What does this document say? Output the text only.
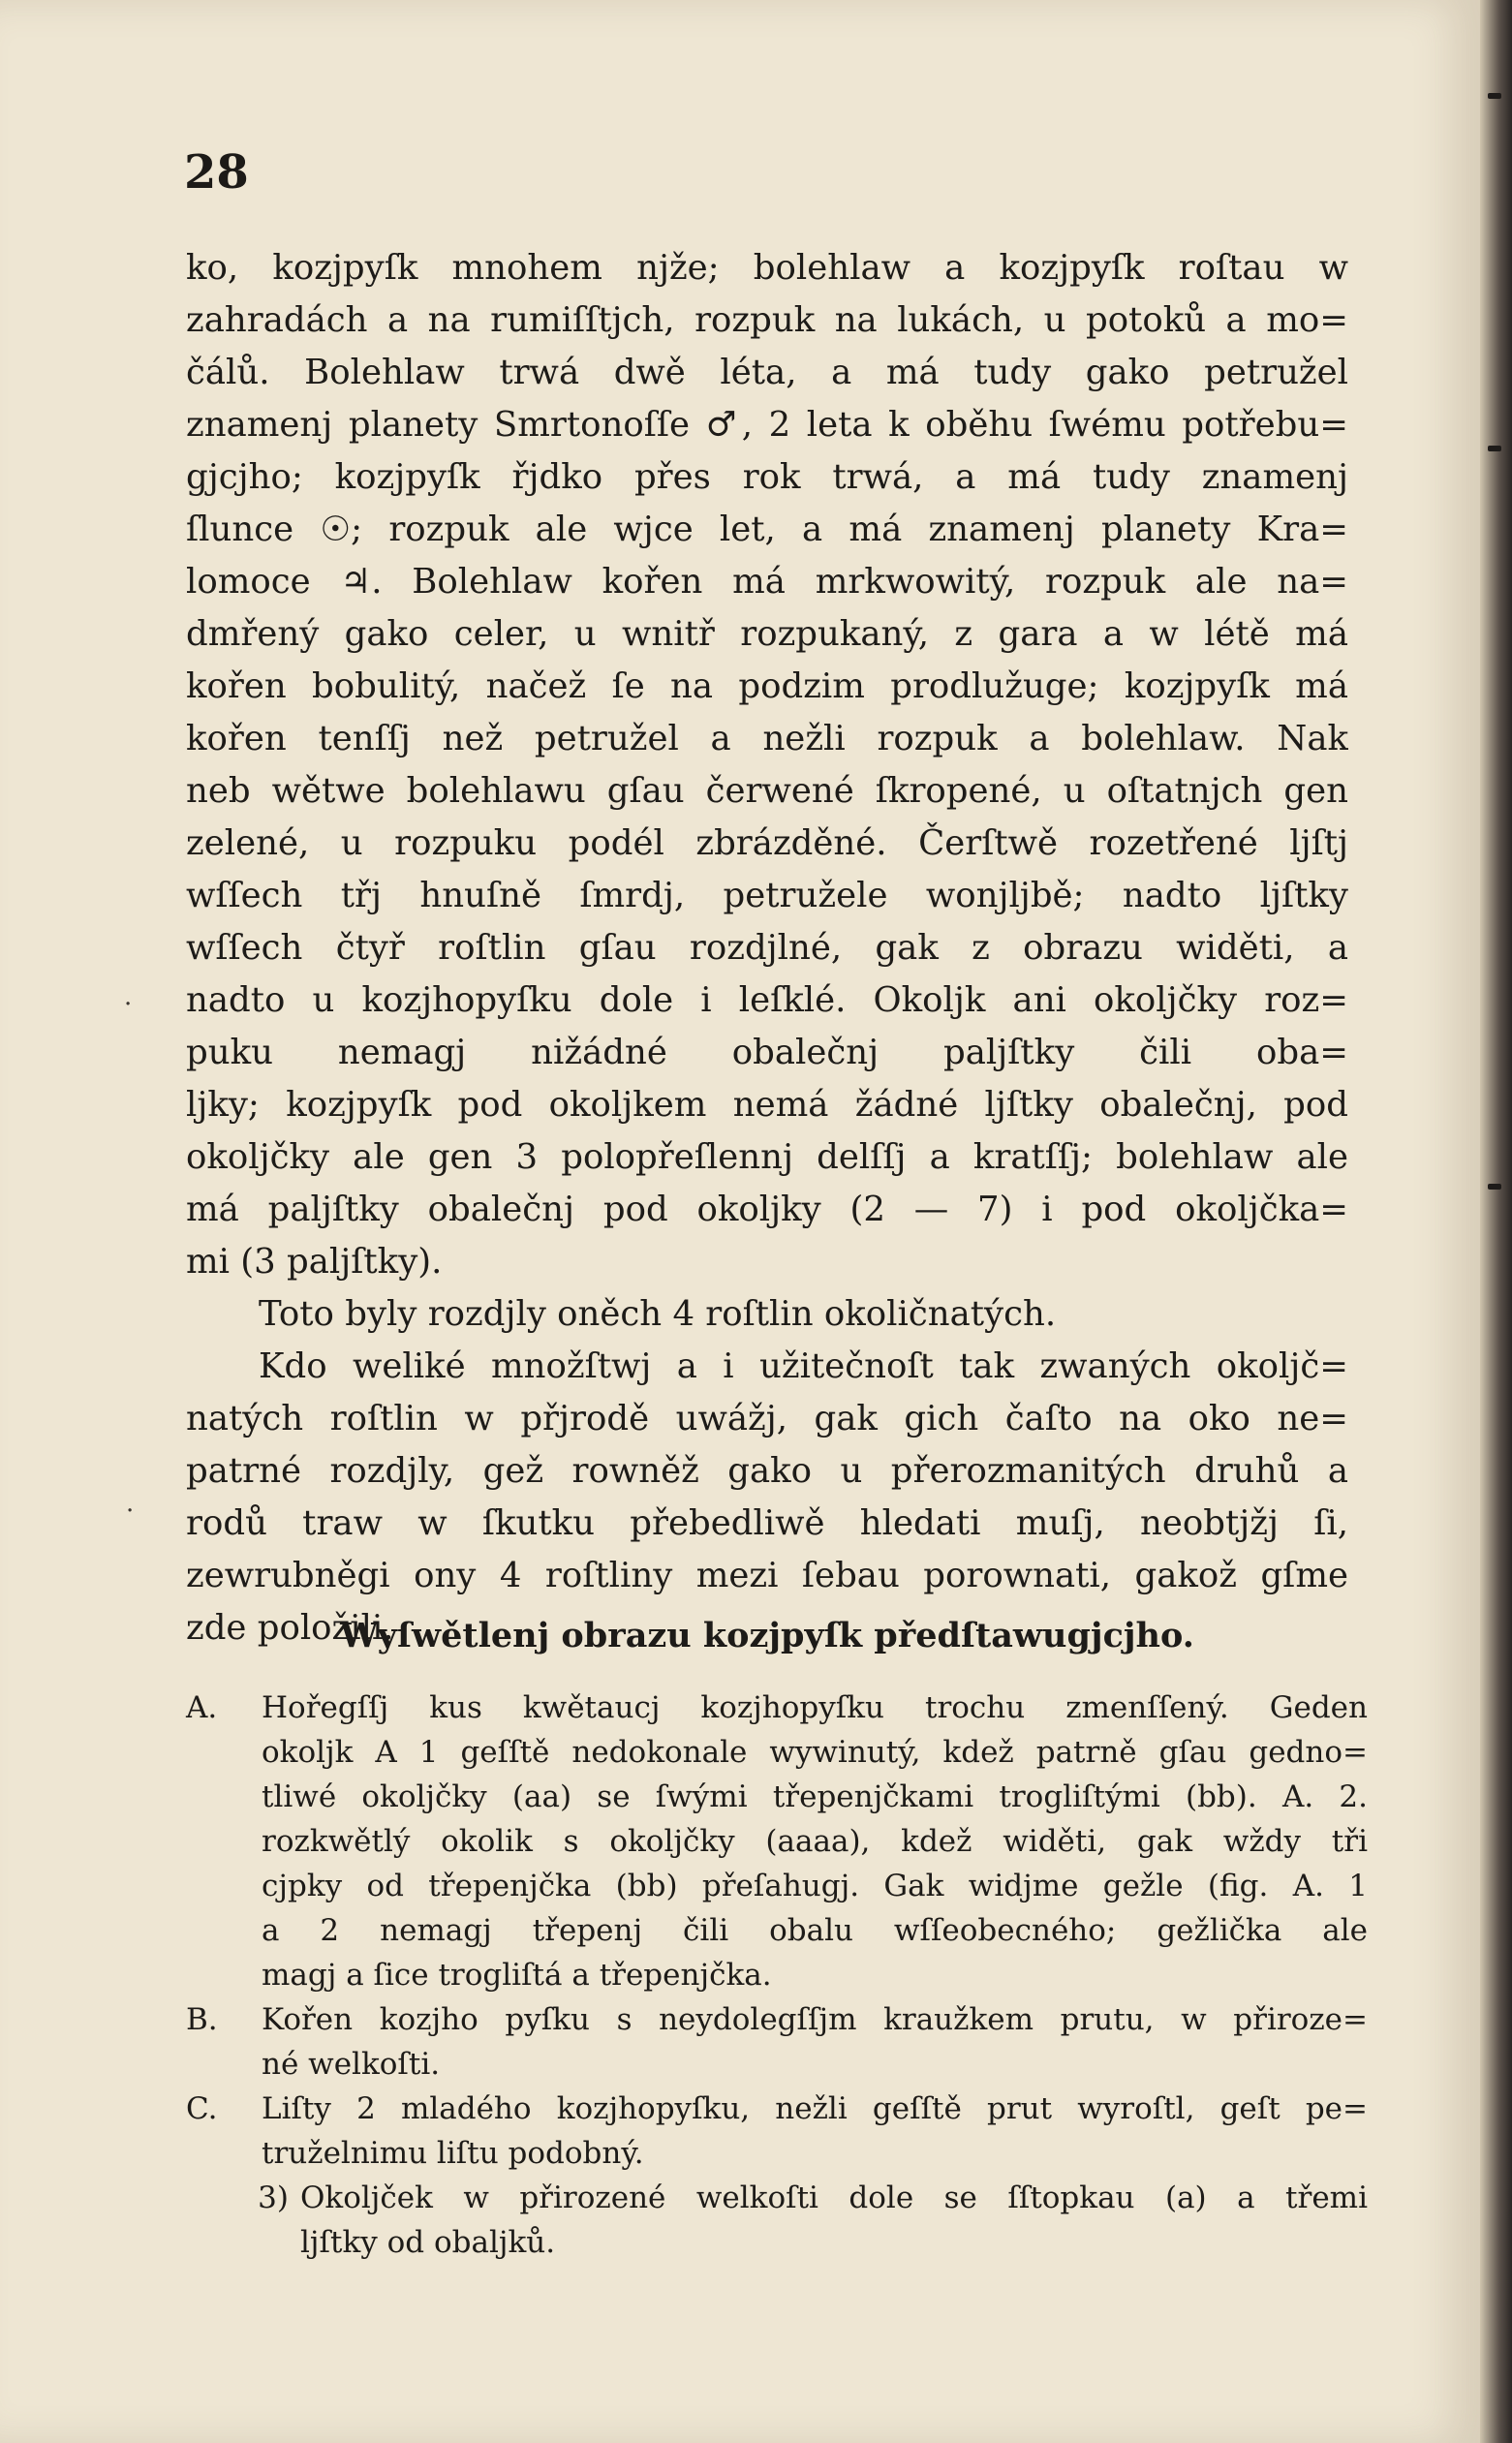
·
·
28
ko, kozjpyſk mnohem njže; bolehlaw a kozjpyſk roſtau w
zahradách a na rumiſſtjch, rozpuk na lukách, u potoků a mo=
čálů. Bolehlaw trwá dwě léta, a má tudy gako petružel
znamenj planety Smrtonoſſe ♂, 2 leta k oběhu ſwému potřebu=
gjcjho; kozjpyſk řjdko přes rok trwá, a má tudy znamenj
ſlunce ☉; rozpuk ale wjce let, a má znamenj planety Kra=
lomoce ♃. Bolehlaw kořen má mrkwowitý, rozpuk ale na=
dmřený gako celer, u wnitř rozpukaný, z gara a w létě má
kořen bobulitý, načež ſe na podzim prodlužuge; kozjpyſk má
kořen tenſſj než petružel a nežli rozpuk a bolehlaw. Nak
neb wětwe bolehlawu gſau čerwené ſkropené, u oſtatnjch gen
zelené, u rozpuku podél zbrázděné. Čerſtwě rozetřené ljſtj
wſſech třj hnuſně ſmrdj, petružele wonjljbě; nadto ljſtky
wſſech čtyř roſtlin gſau rozdjlné, gak z obrazu widěti, a
nadto u kozjhopyſku dole i leſklé. Okoljk ani okoljčky roz=
puku nemagj nižádné obalečnj paljſtky čili oba=
ljky; kozjpyſk pod okoljkem nemá žádné ljſtky obalečnj, pod
okoljčky ale gen 3 polopřeſlennj delſſj a kratſſj; bolehlaw ale
má paljſtky obalečnj pod okoljky (2 — 7) i pod okoljčka=
mi (3 paljſtky).
Toto byly rozdjly oněch 4 roſtlin okoličnatých.
Kdo weliké množſtwj a i užitečnoſt tak zwaných okoljč=
natých roſtlin w přjrodě uwážj, gak gich čaſto na oko ne=
patrné rozdjly, gež rowněž gako u přerozmanitých druhů a
rodů traw w ſkutku přebedliwě hledati muſj, neobtjžj ſi,
zewrubněgi ony 4 roſtliny mezi ſebau porownati, gakož gſme
zde položili.
Wyſwětlenj obrazu kozjpyſk předſtawugjcjho.
A.	Hořegſſj kus kwětaucj kozjhopyſku trochu zmenſſený. Geden
okoljk A 1 geſſtě nedokonale wywinutý, kdež patrně gſau gedno=
tliwé okoljčky (aa) se ſwými třepenjčkami trogliſtými (bb). A. 2.
rozkwětlý okolik s okoljčky (aaaa), kdež widěti, gak wždy tři
cjpky od třepenjčka (bb) přeſahugj. Gak widjme gežle (fig. A. 1
a 2 nemagj třepenj čili obalu wſſeobecného; gežlička ale
magj a ſice trogliſtá a třepenjčka.
B.	Kořen kozjho pyſku s neydolegſſjm kraužkem prutu, w přiroze=
né welkoſti.
C.	Liſty 2 mladého kozjhopyſku, nežli geſſtě prut wyroſtl, geſt pe=
truželnimu liſtu podobný.
3) Okoljček w přirozené welkoſti dole se ſſtopkau (a) a třemi
ljſtky od obaljků.
